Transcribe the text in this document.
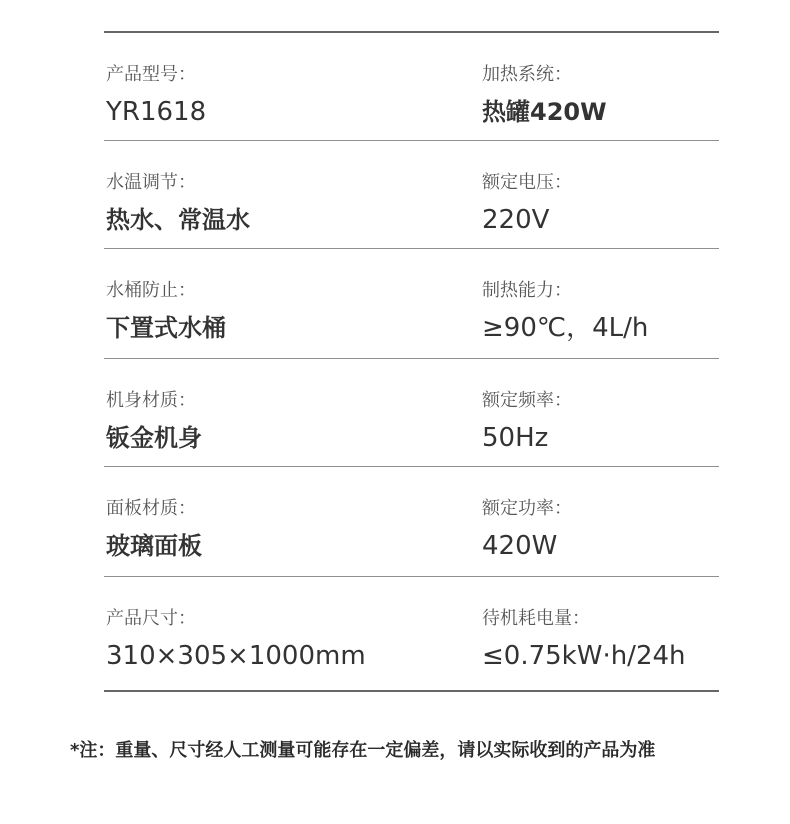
产品型号：
YR1618
加热系统：
热罐420W
水温调节：
热水、常温水
额定电压：
220V
水桶防止：
下置式水桶
制热能力：
≥90℃，4L/h
机身材质：
钣金机身
额定频率：
50Hz
面板材质：
玻璃面板
额定功率：
420W
产品尺寸：
310×305×1000mm
待机耗电量：
≤0.75kW·h/24h
*注：重量、尺寸经人工测量可能存在一定偏差，请以实际收到的产品为准
